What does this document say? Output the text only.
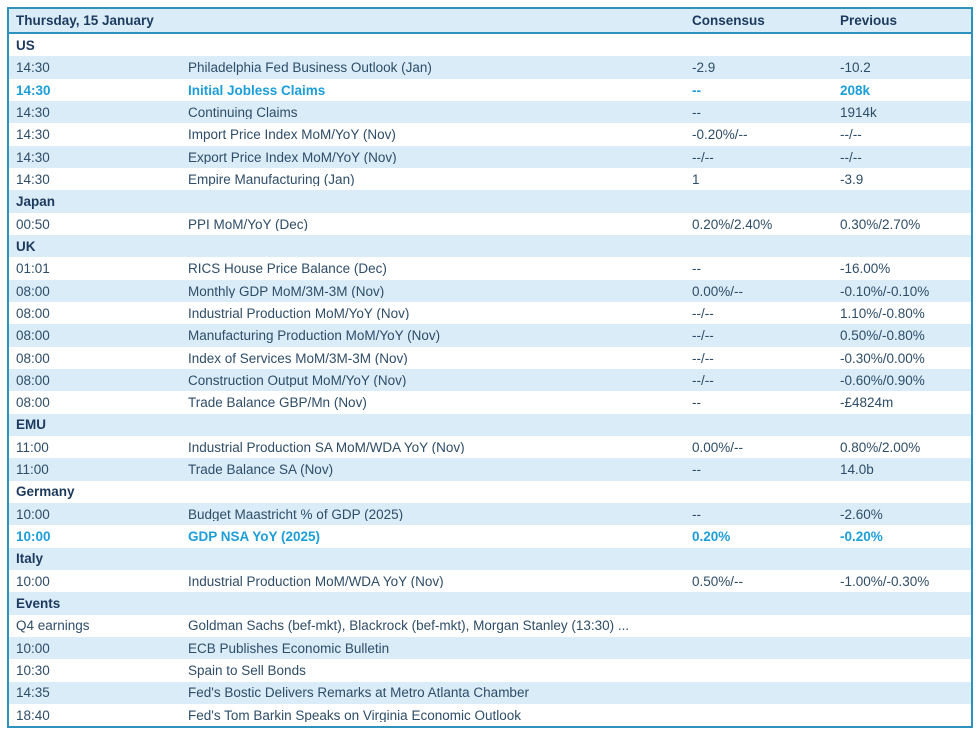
Thursday, 15 January	Consensus	Previous
US
14:30	Philadelphia Fed Business Outlook (Jan)	-2.9	-10.2
14:30	Initial Jobless Claims	--	208k
14:30	Continuing Claims	--	1914k
14:30	Import Price Index MoM/YoY (Nov)	-0.20%/--	--/--
14:30	Export Price Index MoM/YoY (Nov)	--/--	--/--
14:30	Empire Manufacturing (Jan)	1	-3.9
Japan
00:50	PPI MoM/YoY (Dec)	0.20%/2.40%	0.30%/2.70%
UK
01:01	RICS House Price Balance (Dec)	--	-16.00%
08:00	Monthly GDP MoM/3M-3M (Nov)	0.00%/--	-0.10%/-0.10%
08:00	Industrial Production MoM/YoY (Nov)	--/--	1.10%/-0.80%
08:00	Manufacturing Production MoM/YoY (Nov)	--/--	0.50%/-0.80%
08:00	Index of Services MoM/3M-3M (Nov)	--/--	-0.30%/0.00%
08:00	Construction Output MoM/YoY (Nov)	--/--	-0.60%/0.90%
08:00	Trade Balance GBP/Mn (Nov)	--	-£4824m
EMU
11:00	Industrial Production SA MoM/WDA YoY (Nov)	0.00%/--	0.80%/2.00%
11:00	Trade Balance SA (Nov)	--	14.0b
Germany
10:00	Budget Maastricht % of GDP (2025)	--	-2.60%
10:00	GDP NSA YoY (2025)	0.20%	-0.20%
Italy
10:00	Industrial Production MoM/WDA YoY (Nov)	0.50%/--	-1.00%/-0.30%
Events
Q4 earnings	Goldman Sachs (bef-mkt), Blackrock (bef-mkt), Morgan Stanley (13:30) ...
10:00	ECB Publishes Economic Bulletin
10:30	Spain to Sell Bonds
14:35	Fed's Bostic Delivers Remarks at Metro Atlanta Chamber
18:40	Fed's Tom Barkin Speaks on Virginia Economic Outlook
